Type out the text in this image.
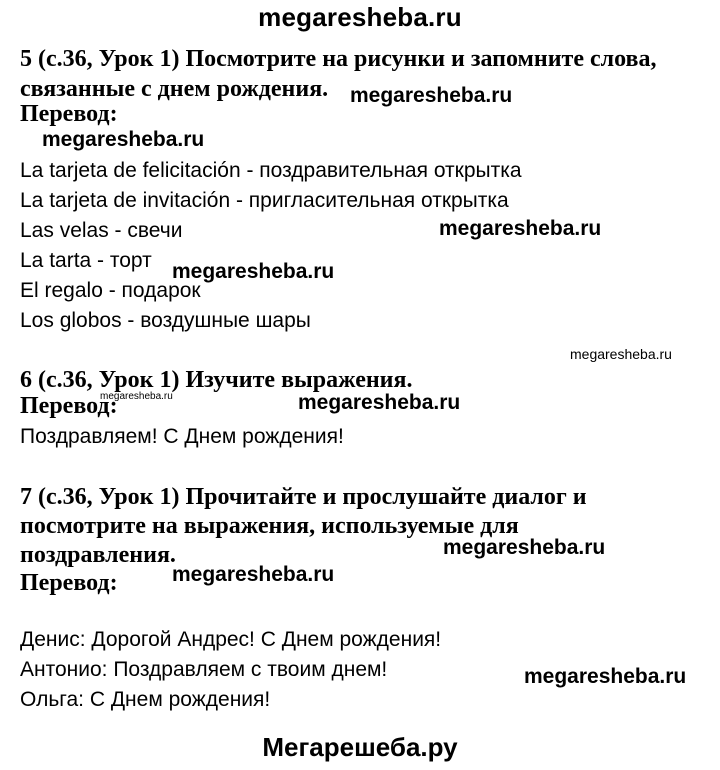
megaresheba.ru
5 (с.36, Урок 1) Посмотрите на рисунки и запомните слова,
связанные с днем рождения. megaresheba.ru
Перевод:
megaresheba.ru
La tarjeta de felicitación - поздравительная открытка
La tarjeta de invitación - пригласительная открытка
Las velas - свечи	megaresheba.ru
La tarta - торт megaresheba.ru
El regalo - подарок
Los globos - воздушные шары
megaresheba.ru
6 (с.36, Урок 1) Изучите выражения.
Перевод:
megaresheba.ru	megaresheba.ru
Поздравляем! С Днем рождения!
7 (с.36, Урок 1) Прочитайте и прослушайте диалог и
посмотрите на выражения, используемые для
поздравления.	megaresheba.ru
Перевод:	megaresheba.ru
Денис: Дорогой Андрес! С Днем рождения!
Антонио: Поздравляем с твоим днем!	megaresheba.ru
Ольга: С Днем рождения!
Мегарешеба.ру
